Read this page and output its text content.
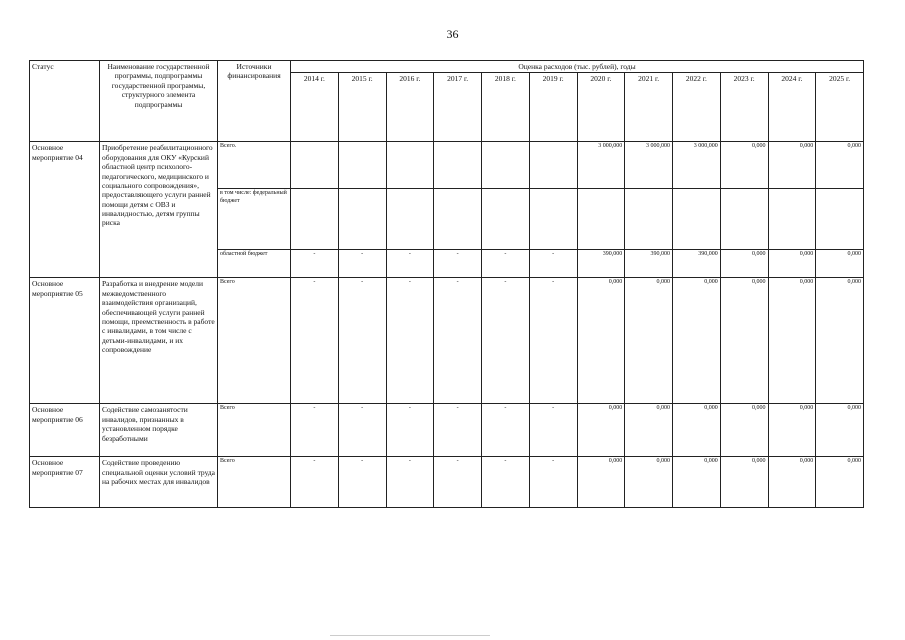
36
Статус	Наименование государственной программы, подпрограммы государственной программы, структурного элемента подпрограммы	Источники финансирования	Оценка расходов (тыс. рублей), годы											
			2014 г.	2015 г.	2016 г.	2017 г.	2018 г.	2019 г.	2020 г.	2021 г.	2022 г.	2023 г.	2024 г.	2025 г.
Основное мероприятие 04	Приобретение реабилитационного оборудования для ОКУ «Курский областной центр психолого-педагогического, медицинского и социального сопровождения», предоставляющего услуги ранней помощи детям с ОВЗ и инвалидностью, детям группы риска	Всего.							3 000,000	3 000,000	3 000,000	0,000	0,000	0,000
		в том числе: федеральный бюджет												
		областной бюджет	-	-	-	-	-	-	390,000	390,000	390,000	0,000	0,000	0,000
Основное мероприятие 05	Разработка и внедрение модели межведомственного взаимодействия организаций, обеспечивающей услуги ранней помощи, преемственность в работе с инвалидами, в том числе с детьми-инвалидами, и их сопровождение	Всего	-	-	-	-	-	-	0,000	0,000	0,000	0,000	0,000	0,000
Основное мероприятие 06	Содействие самозанятости инвалидов, признанных в установленном порядке безработными	Всего	-	-	-	-	-	-	0,000	0,000	0,000	0,000	0,000	0,000
Основное мероприятие 07	Содействие проведению специальной оценки условий труда на рабочих местах для инвалидов	Всего	-	-	-	-	-	-	0,000	0,000	0,000	0,000	0,000	0,000
